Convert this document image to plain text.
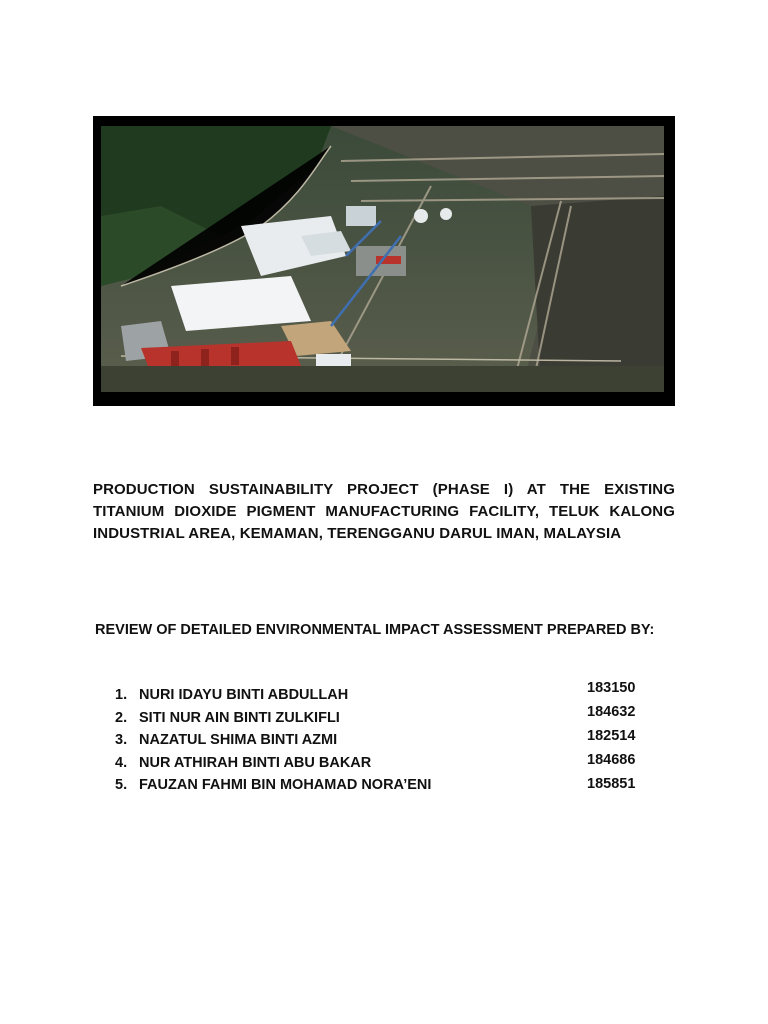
PRODUCTION SUSTAINABILITY PROJECT (PHASE I) AT THE EXISTING TITANIUM DIOXIDE PIGMENT MANUFACTURING FACILITY, TELUK KALONG INDUSTRIAL AREA, KEMAMAN, TERENGGANU DARUL IMAN, MALAYSIA
REVIEW OF DETAILED ENVIRONMENTAL IMPACT ASSESSMENT PREPARED BY:
1. NURI IDAYU BINTI ABDULLAH
2. SITI NUR AIN BINTI ZULKIFLI
3. NAZATUL SHIMA BINTI AZMI
4. NUR ATHIRAH BINTI ABU BAKAR
5. FAUZAN FAHMI BIN MOHAMAD NORA’ENI
183150
184632
182514
184686
185851
